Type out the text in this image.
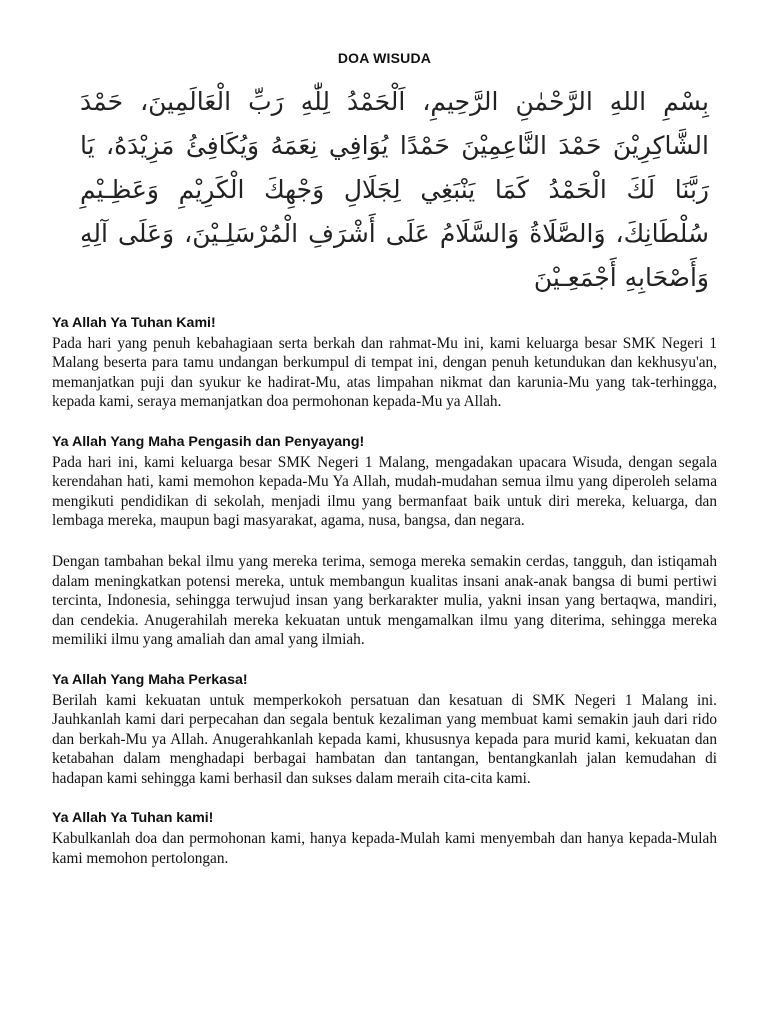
DOA WISUDA
بِسْمِ اللهِ الرَّحْمٰنِ الرَّحِيمِ، اَلْحَمْدُ لِلّٰهِ رَبِّ الْعَالَمِينَ، حَمْدَ الشَّاكِرِيْنَ حَمْدَ النَّاعِمِيْنَ حَمْدًا يُوَافِي نِعَمَهُ وَيُكَافِئُ مَزِيْدَهُ، يَا رَبَّنَا لَكَ الْحَمْدُ كَمَا يَنْبَغِي لِجَلَالِ وَجْهِكَ الْكَرِيْمِ وَعَظِـيْمِ سُلْطَانِكَ، وَالصَّلَاةُ وَالسَّلَامُ عَلَى أَشْرَفِ الْمُرْسَلِـيْنَ، وَعَلَى آلِهِ وَأَصْحَابِهِ أَجْمَعِـيْنَ

Ya Allah Ya Tuhan Kami!

Pada hari yang penuh kebahagiaan serta berkah dan rahmat-Mu ini, kami keluarga besar SMK Negeri 1 Malang beserta para tamu undangan berkumpul di tempat ini, dengan penuh ketundukan dan kekhusyu'an, memanjatkan puji dan syukur ke hadirat-Mu, atas limpahan nikmat dan karunia-Mu yang tak-terhingga, kepada kami, seraya memanjatkan doa permohonan kepada-Mu ya Allah.

Ya Allah Yang Maha Pengasih dan Penyayang!

Pada hari ini, kami keluarga besar SMK Negeri 1 Malang, mengadakan upacara Wisuda, dengan segala kerendahan hati, kami memohon kepada-Mu Ya Allah, mudah-mudahan semua ilmu yang diperoleh selama mengikuti pendidikan di sekolah, menjadi ilmu yang bermanfaat baik untuk diri mereka, keluarga, dan lembaga mereka, maupun bagi masyarakat, agama, nusa, bangsa, dan negara.

Dengan tambahan bekal ilmu yang mereka terima, semoga mereka semakin cerdas, tangguh, dan istiqamah dalam meningkatkan potensi mereka, untuk membangun kualitas insani anak-anak bangsa di bumi pertiwi tercinta, Indonesia, sehingga terwujud insan yang berkarakter mulia, yakni insan yang bertaqwa, mandiri, dan cendekia. Anugerahilah mereka kekuatan untuk mengamalkan ilmu yang diterima, sehingga mereka memiliki ilmu yang amaliah dan amal yang ilmiah.

Ya Allah Yang Maha Perkasa!

Berilah kami kekuatan untuk memperkokoh persatuan dan kesatuan di SMK Negeri 1 Malang ini. Jauhkanlah kami dari perpecahan dan segala bentuk kezaliman yang membuat kami semakin jauh dari rido dan berkah-Mu ya Allah. Anugerahkanlah kepada kami, khususnya kepada para murid kami, kekuatan dan ketabahan dalam menghadapi berbagai hambatan dan tantangan, bentangkanlah jalan kemudahan di hadapan kami sehingga kami berhasil dan sukses dalam meraih cita-cita kami.

Ya Allah Ya Tuhan kami!

Kabulkanlah doa dan permohonan kami, hanya kepada-Mulah kami menyembah dan hanya kepada-Mulah kami memohon pertolongan.
